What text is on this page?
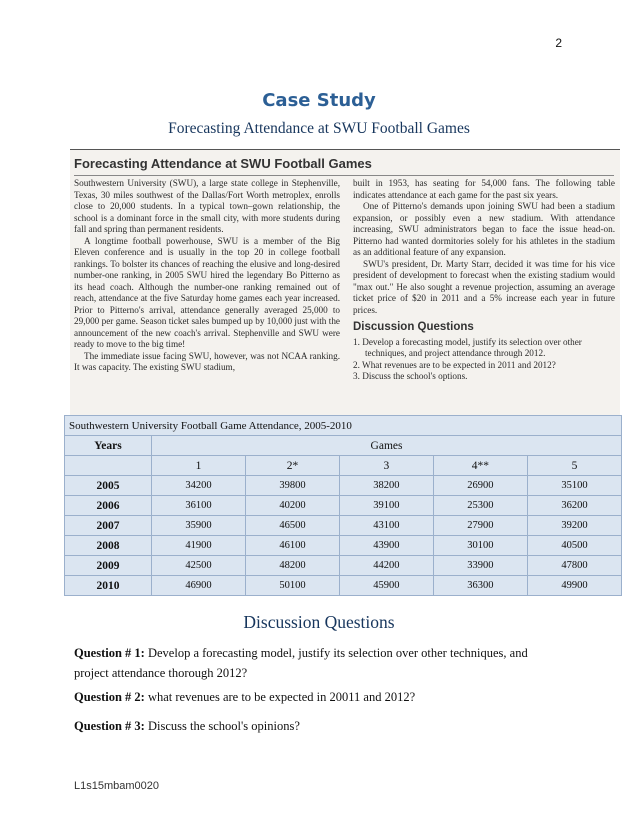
2
Case Study
Forecasting Attendance at SWU Football Games
Forecasting Attendance at SWU Football Games

Southwestern University (SWU), a large state college in Stephenville, Texas, 30 miles southwest of the Dallas/Fort Worth metroplex, enrolls close to 20,000 students. In a typical town–gown relationship, the school is a dominant force in the small city, with more students during fall and spring than permanent residents.

A longtime football powerhouse, SWU is a member of the Big Eleven conference and is usually in the top 20 in college football rankings. To bolster its chances of reaching the elusive and long-desired number-one ranking, in 2005 SWU hired the legendary Bo Pitterno as its head coach. Although the number-one ranking remained out of reach, attendance at the five Saturday home games each year increased. Prior to Pitterno's arrival, attendance generally averaged 25,000 to 29,000 per game. Season ticket sales bumped up by 10,000 just with the announcement of the new coach's arrival. Stephenville and SWU were ready to move to the big time!

The immediate issue facing SWU, however, was not NCAA ranking. It was capacity. The existing SWU stadium,

built in 1953, has seating for 54,000 fans. The following table indicates attendance at each game for the past six years.

One of Pitterno's demands upon joining SWU had been a stadium expansion, or possibly even a new stadium. With attendance increasing, SWU administrators began to face the issue head-on. Pitterno had wanted dormitories solely for his athletes in the stadium as an additional feature of any expansion.

SWU's president, Dr. Marty Starr, decided it was time for his vice president of development to forecast when the existing stadium would "max out." He also sought a revenue projection, assuming an average ticket price of $20 in 2011 and a 5% increase each year in future prices.

Discussion Questions
1. Develop a forecasting model, justify its selection over other techniques, and project attendance through 2012.
2. What revenues are to be expected in 2011 and 2012?
3. Discuss the school's options.
Southwestern University Football Game Attendance, 2005-2010					
Years	Games				
	1	2*	3	4**	5
2005	34200	39800	38200	26900	35100
2006	36100	40200	39100	25300	36200
2007	35900	46500	43100	27900	39200
2008	41900	46100	43900	30100	40500
2009	42500	48200	44200	33900	47800
2010	46900	50100	45900	36300	49900
Discussion Questions
Question # 1: Develop a forecasting model, justify its selection over other techniques, and project attendance thorough 2012?
Question # 2: what revenues are to be expected in 20011 and 2012?
Question # 3: Discuss the school's opinions?
L1s15mbam0020
